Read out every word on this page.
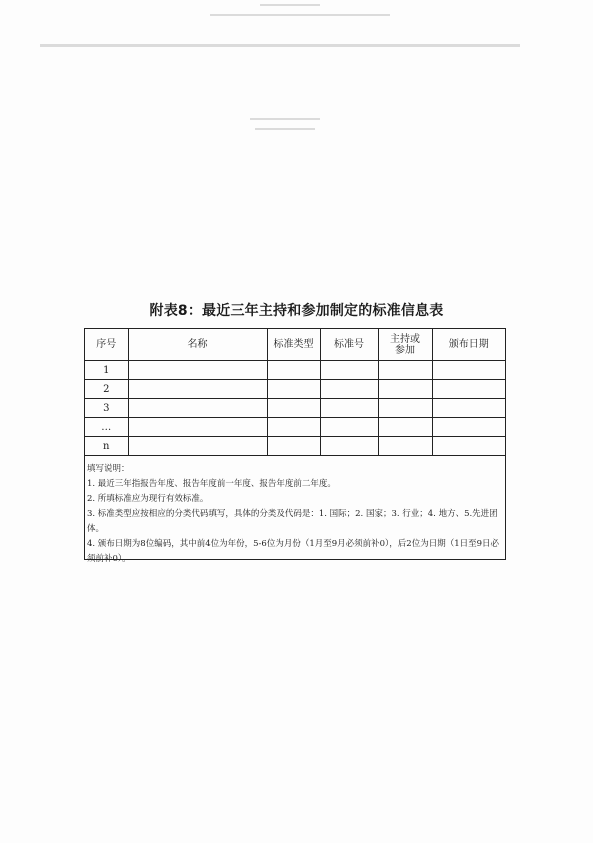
附表8：最近三年主持和参加制定的标准信息表
序号	名称	标准类型	标准号	主持或参加	颁布日期
1					
2					
3					
…					
n					
填写说明：
1. 最近三年指报告年度、报告年度前一年度、报告年度前二年度。
2. 所填标准应为现行有效标准。
3. 标准类型应按相应的分类代码填写，具体的分类及代码是：1. 国际；2. 国家；3. 行业；4. 地方、5.先进团体。
4. 颁布日期为8位编码，其中前4位为年份，5-6位为月份（1月至9月必须前补0），后2位为日期（1日至9日必须前补0）。
